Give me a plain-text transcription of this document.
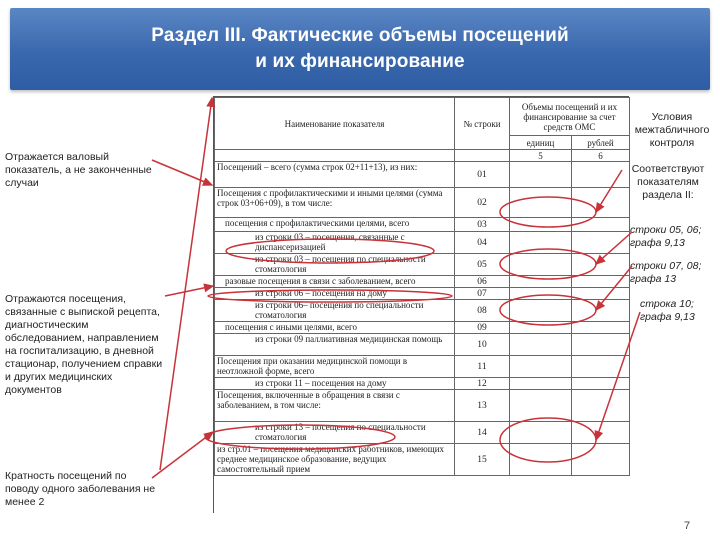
Раздел III. Фактические объемы посещений
и их финансирование
Отражается валовый показатель, а не законченные случаи
Отражаются посещения, связанные с выпиской рецепта, диагностическим обследованием, направлением на госпитализацию, в дневной стационар, получением справки и других медицинских документов
Кратность посещений по поводу одного заболевания не менее 2
Условия межтабличного контроля
Соответствуют показателям раздела II:
строки 05, 06; графа 9,13
строки 07, 08; графа 13
строка 10; графа 9,13
Наименование показателя	№ строки	Объемы посещений и их финансирование за счет средств ОМС	
		единиц	рублей
		5	6
Посещений – всего (сумма строк 02+11+13), из них:	01		
Посещения с профилактическими и иными целями (сумма строк 03+06+09), в том числе:	02		
посещения с профилактическими целями, всего	03		
из строки 03 – посещения, связанные с диспансеризацией	04		
из строки 03 – посещения по специальности стоматология	05		
разовые посещения в связи с заболеванием, всего	06		
из строки 06 – посещения на дому	07		
из строки 06– посещения по специальности стоматология	08		
посещения с иными целями, всего	09		
из строки 09 паллиативная медицинская помощь	10		
Посещения при оказании медицинской помощи в неотложной форме, всего	11		
из строки 11 – посещения на дому	12		
Посещения, включенные в обращения в связи с заболеванием, в том числе:	13		
из строки 13 – посещения по специальности стоматология	14		
из стр.01 – посещения медицинских работников, имеющих среднее медицинское образование, ведущих самостоятельный прием	15		
7
